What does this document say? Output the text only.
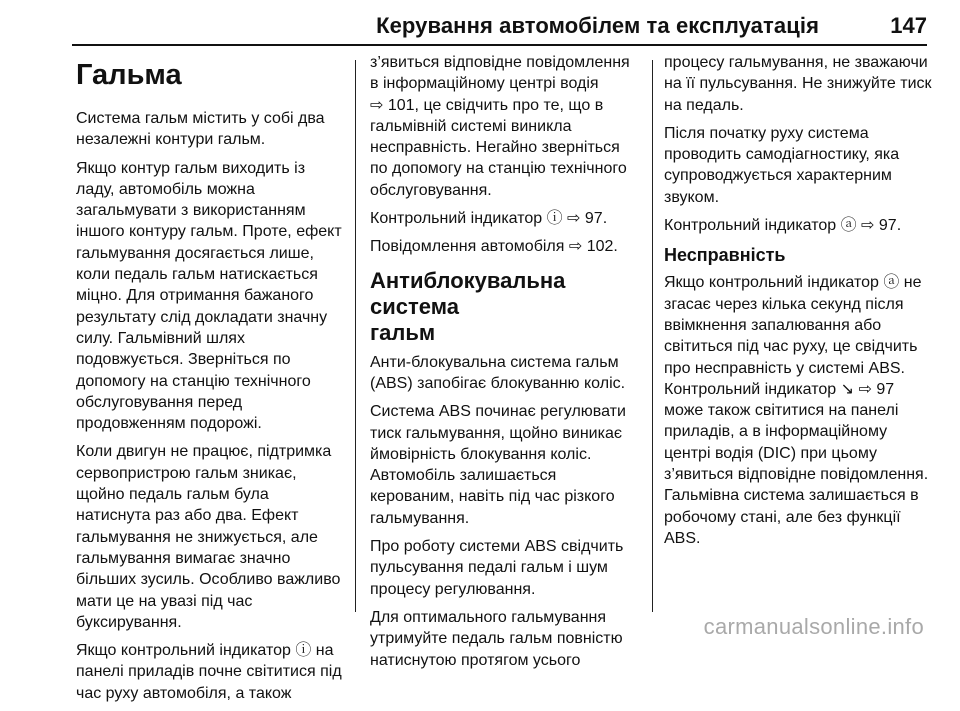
Керування автомобілем та експлуатація	147
Гальма

Система гальм містить у собі два
незалежні контури гальм.

Якщо контур гальм виходить із
ладу, автомобіль можна
загальмувати з використанням
іншого контуру гальм. Проте, ефект
гальмування досягається лише,
коли педаль гальм натискається
міцно. Для отримання бажаного
результату слід докладати значну
силу. Гальмівний шлях
подовжується. Зверніться по
допомогу на станцію технічного
обслуговування перед
продовженням подорожі.

Коли двигун не працює, підтримка
сервопристрою гальм зникає,
щойно педаль гальм була
натиснута раз або два. Ефект
гальмування не знижується, але
гальмування вимагає значно
більших зусиль. Особливо важливо
мати це на увазі під час
буксирування.

Якщо контрольний індикатор ⓘ на
панелі приладів почне світитися під
час руху автомобіля, а також

з’явиться відповідне повідомлення
в інформаційному центрі водія
⇨ 101, це свідчить про те, що в
гальмівній системі виникла
несправність. Негайно зверніться
по допомогу на станцію технічного
обслуговування.

Контрольний індикатор ⓘ ⇨ 97.

Повідомлення автомобіля ⇨ 102.

Антиблокувальна система
гальм

Анти-блокувальна система гальм
(ABS) запобігає блокуванню коліс.

Система ABS починає регулювати
тиск гальмування, щойно виникає
ймовірність блокування коліс.
Автомобіль залишається
керованим, навіть під час різкого
гальмування.

Про роботу системи ABS свідчить
пульсування педалі гальм і шум
процесу регулювання.

Для оптимального гальмування
утримуйте педаль гальм повністю
натиснутою протягом усього

процесу гальмування, не зважаючи
на її пульсування. Не знижуйте тиск
на педаль.

Після початку руху система
проводить самодіагностику, яка
супроводжується характерним
звуком.

Контрольний індикатор ⓐ ⇨ 97.

Несправність

Якщо контрольний індикатор ⓐ не
згасає через кілька секунд після
ввімкнення запалювання або
світиться під час руху, це свідчить
про несправність у системі ABS.
Контрольний індикатор ↘ ⇨ 97
може також світитися на панелі
приладів, а в інформаційному
центрі водія (DIC) при цьому
з’явиться відповідне повідомлення.
Гальмівна система залишається в
робочому стані, але без функції
ABS.

carmanualsonline.info
